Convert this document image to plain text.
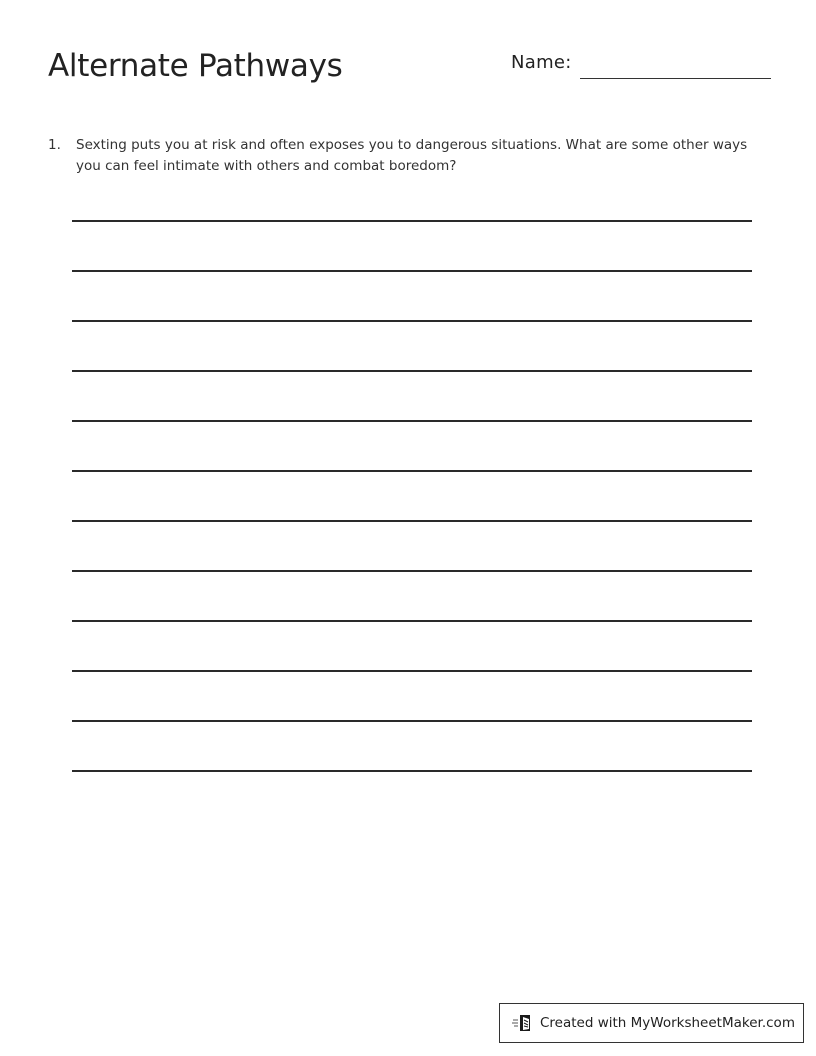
Alternate Pathways	Name:
1.	Sexting puts you at risk and often exposes you to dangerous situations. What are some other ways you can feel intimate with others and combat boredom?
Created with MyWorksheetMaker.com
